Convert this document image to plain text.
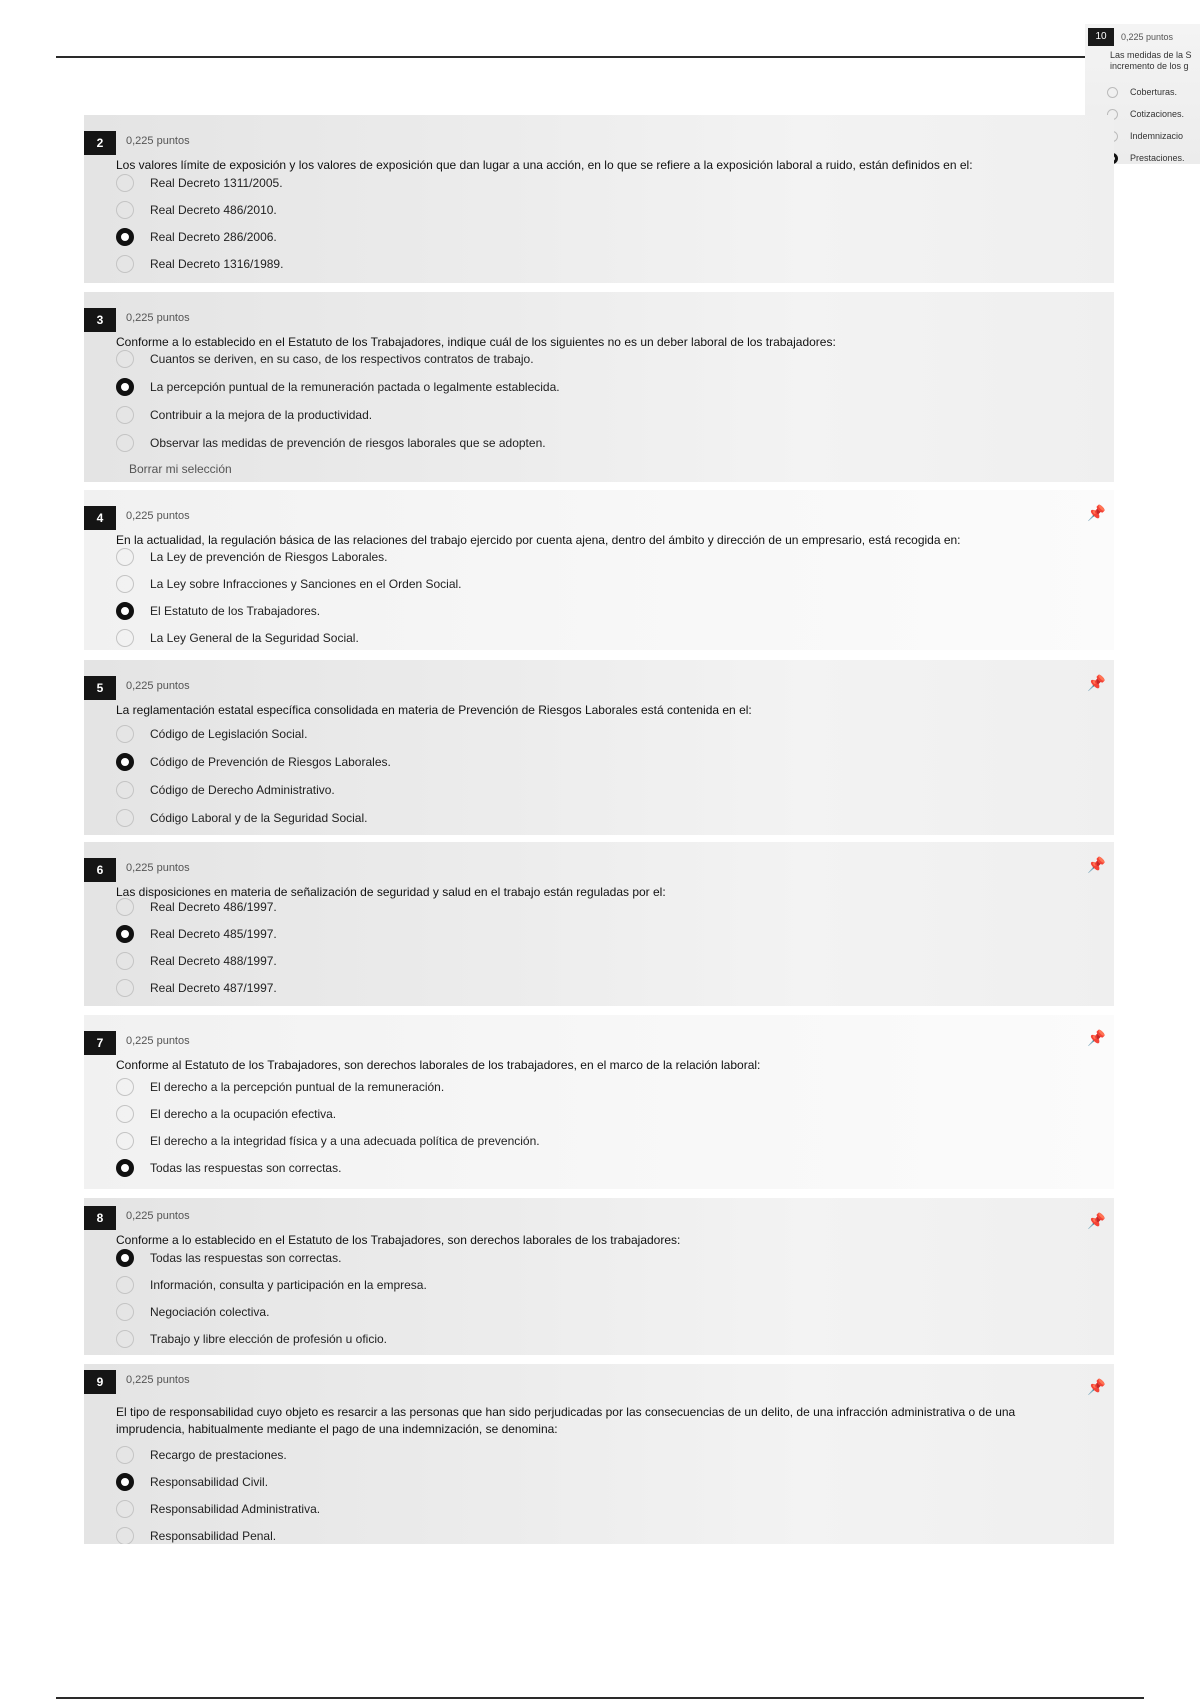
10	0,225 puntos
Las medidas de la S
incremento de los g
Coberturas.
Cotizaciones.
Indemnizacio
Prestaciones.
2	0,225 puntos
Los valores límite de exposición y los valores de exposición que dan lugar a una acción, en lo que se refiere a la exposición laboral a ruido, están definidos en el:
Real Decreto 1311/2005.
Real Decreto 486/2010.
Real Decreto 286/2006.
Real Decreto 1316/1989.
3	0,225 puntos
Conforme a lo establecido en el Estatuto de los Trabajadores, indique cuál de los siguientes no es un deber laboral de los trabajadores:
Cuantos se deriven, en su caso, de los respectivos contratos de trabajo.
La percepción puntual de la remuneración pactada o legalmente establecida.
Contribuir a la mejora de la productividad.
Observar las medidas de prevención de riesgos laborales que se adopten.
Borrar mi selección
4	0,225 puntos	📌
En la actualidad, la regulación básica de las relaciones del trabajo ejercido por cuenta ajena, dentro del ámbito y dirección de un empresario, está recogida en:
La Ley de prevención de Riesgos Laborales.
La Ley sobre Infracciones y Sanciones en el Orden Social.
El Estatuto de los Trabajadores.
La Ley General de la Seguridad Social.
5	0,225 puntos	📌
La reglamentación estatal específica consolidada en materia de Prevención de Riesgos Laborales está contenida en el:
Código de Legislación Social.
Código de Prevención de Riesgos Laborales.
Código de Derecho Administrativo.
Código Laboral y de la Seguridad Social.
6	0,225 puntos	📌
Las disposiciones en materia de señalización de seguridad y salud en el trabajo están reguladas por el:
Real Decreto 486/1997.
Real Decreto 485/1997.
Real Decreto 488/1997.
Real Decreto 487/1997.
7	0,225 puntos	📌
Conforme al Estatuto de los Trabajadores, son derechos laborales de los trabajadores, en el marco de la relación laboral:
El derecho a la percepción puntual de la remuneración.
El derecho a la ocupación efectiva.
El derecho a la integridad física y a una adecuada política de prevención.
Todas las respuestas son correctas.
8	0,225 puntos	📌
Conforme a lo establecido en el Estatuto de los Trabajadores, son derechos laborales de los trabajadores:
Todas las respuestas son correctas.
Información, consulta y participación en la empresa.
Negociación colectiva.
Trabajo y libre elección de profesión u oficio.
9	0,225 puntos	📌
El tipo de responsabilidad cuyo objeto es resarcir a las personas que han sido perjudicadas por las consecuencias de un delito, de una infracción administrativa o de una imprudencia, habitualmente mediante el pago de una indemnización, se denomina:
Recargo de prestaciones.
Responsabilidad Civil.
Responsabilidad Administrativa.
Responsabilidad Penal.
